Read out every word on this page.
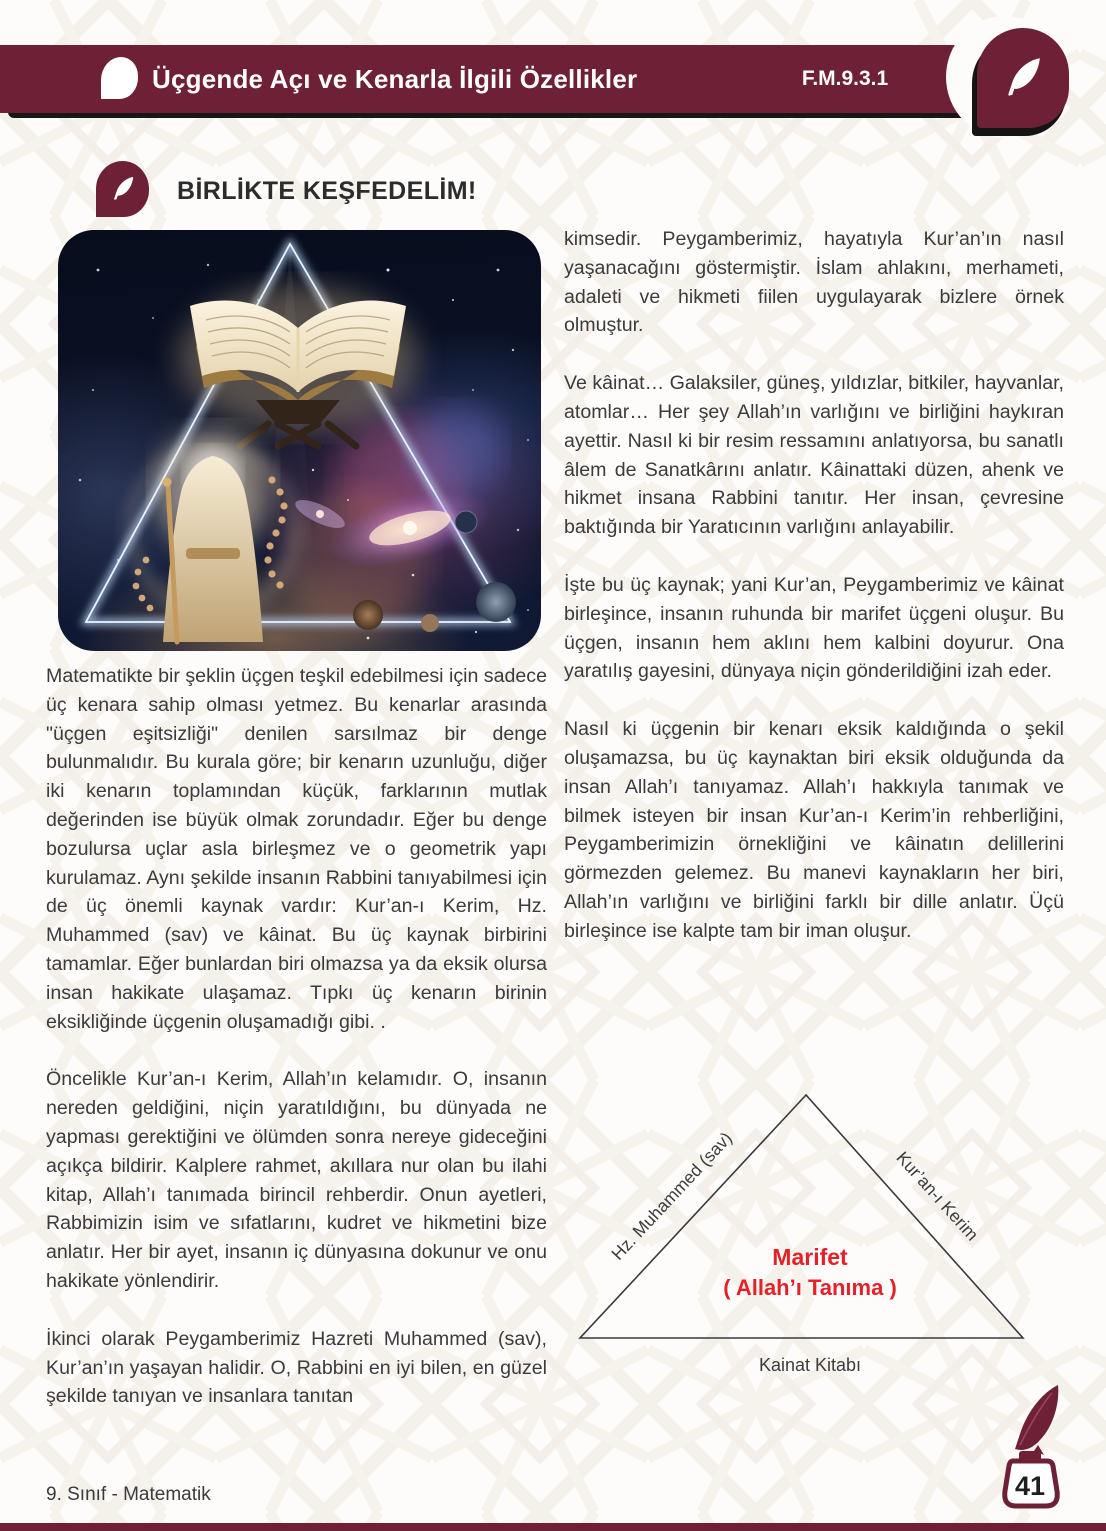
Üçgende Açı ve Kenarla İlgili Özellikler	F.M.9.3.1
BİRLİKTE KEŞFEDELİM!

Matematikte bir şeklin üçgen teşkil edebilmesi için sadece üç kenara sahip olması yetmez. Bu kenarlar arasında "üçgen eşitsizliği" denilen sarsılmaz bir denge bulunmalıdır. Bu kurala göre; bir kenarın uzunluğu, diğer iki kenarın toplamından küçük, farklarının mutlak değerinden ise büyük olmak zorundadır. Eğer bu denge bozulursa uçlar asla birleşmez ve o geometrik yapı kurulamaz. Aynı şekilde insanın Rabbini tanıyabilmesi için de üç önemli kaynak vardır: Kur’an-ı Kerim, Hz. Muhammed (sav) ve kâinat. Bu üç kaynak birbirini tamamlar. Eğer bunlardan biri olmazsa ya da eksik olursa insan hakikate ulaşamaz. Tıpkı üç kenarın birinin eksikliğinde üçgenin oluşamadığı gibi. .

Öncelikle Kur’an-ı Kerim, Allah’ın kelamıdır. O, insanın nereden geldiğini, niçin yaratıldığını, bu dünyada ne yapması gerektiğini ve ölümden sonra nereye gideceğini açıkça bildirir. Kalplere rahmet, akıllara nur olan bu ilahi kitap, Allah’ı tanımada birincil rehberdir. Onun ayetleri, Rabbimizin isim ve sıfatlarını, kudret ve hikmetini bize anlatır. Her bir ayet, insanın iç dünyasına dokunur ve onu hakikate yönlendirir.

İkinci olarak Peygamberimiz Hazreti Muhammed (sav), Kur’an’ın yaşayan halidir. O, Rabbini en iyi bilen, en güzel şekilde tanıyan ve insanlara tanıtan

kimsedir. Peygamberimiz, hayatıyla Kur’an’ın nasıl yaşanacağını göstermiştir. İslam ahlakını, merhameti, adaleti ve hikmeti fiilen uygulayarak bizlere örnek olmuştur.

Ve kâinat… Galaksiler, güneş, yıldızlar, bitkiler, hayvanlar, atomlar… Her şey Allah’ın varlığını ve birliğini haykıran ayettir. Nasıl ki bir resim ressamını anlatıyorsa, bu sanatlı âlem de Sanatkârını anlatır. Kâinattaki düzen, ahenk ve hikmet insana Rabbini tanıtır. Her insan, çevresine baktığında bir Yaratıcının varlığını anlayabilir.

İşte bu üç kaynak; yani Kur’an, Peygamberimiz ve kâinat birleşince, insanın ruhunda bir marifet üçgeni oluşur. Bu üçgen, insanın hem aklını hem kalbini doyurur. Ona yaratılış gayesini, dünyaya niçin gönderildiğini izah eder.

Nasıl ki üçgenin bir kenarı eksik kaldığında o şekil oluşamazsa, bu üç kaynaktan biri eksik olduğunda da insan Allah’ı tanıyamaz. Allah’ı hakkıyla tanımak ve bilmek isteyen bir insan Kur’an-ı Kerim’in rehberliğini, Peygamberimizin örnekliğini ve kâinatın delillerini görmezden gelemez. Bu manevi kaynakların her biri, Allah’ın varlığını ve birliğini farklı bir dille anlatır. Üçü birleşince ise kalpte tam bir iman oluşur.

Hz. Muhammed (sav)	Kur’an-ı Kerim
Marifet
( Allah’ı Tanıma )
Kainat Kitabı
9. Sınıf - Matematik	41
